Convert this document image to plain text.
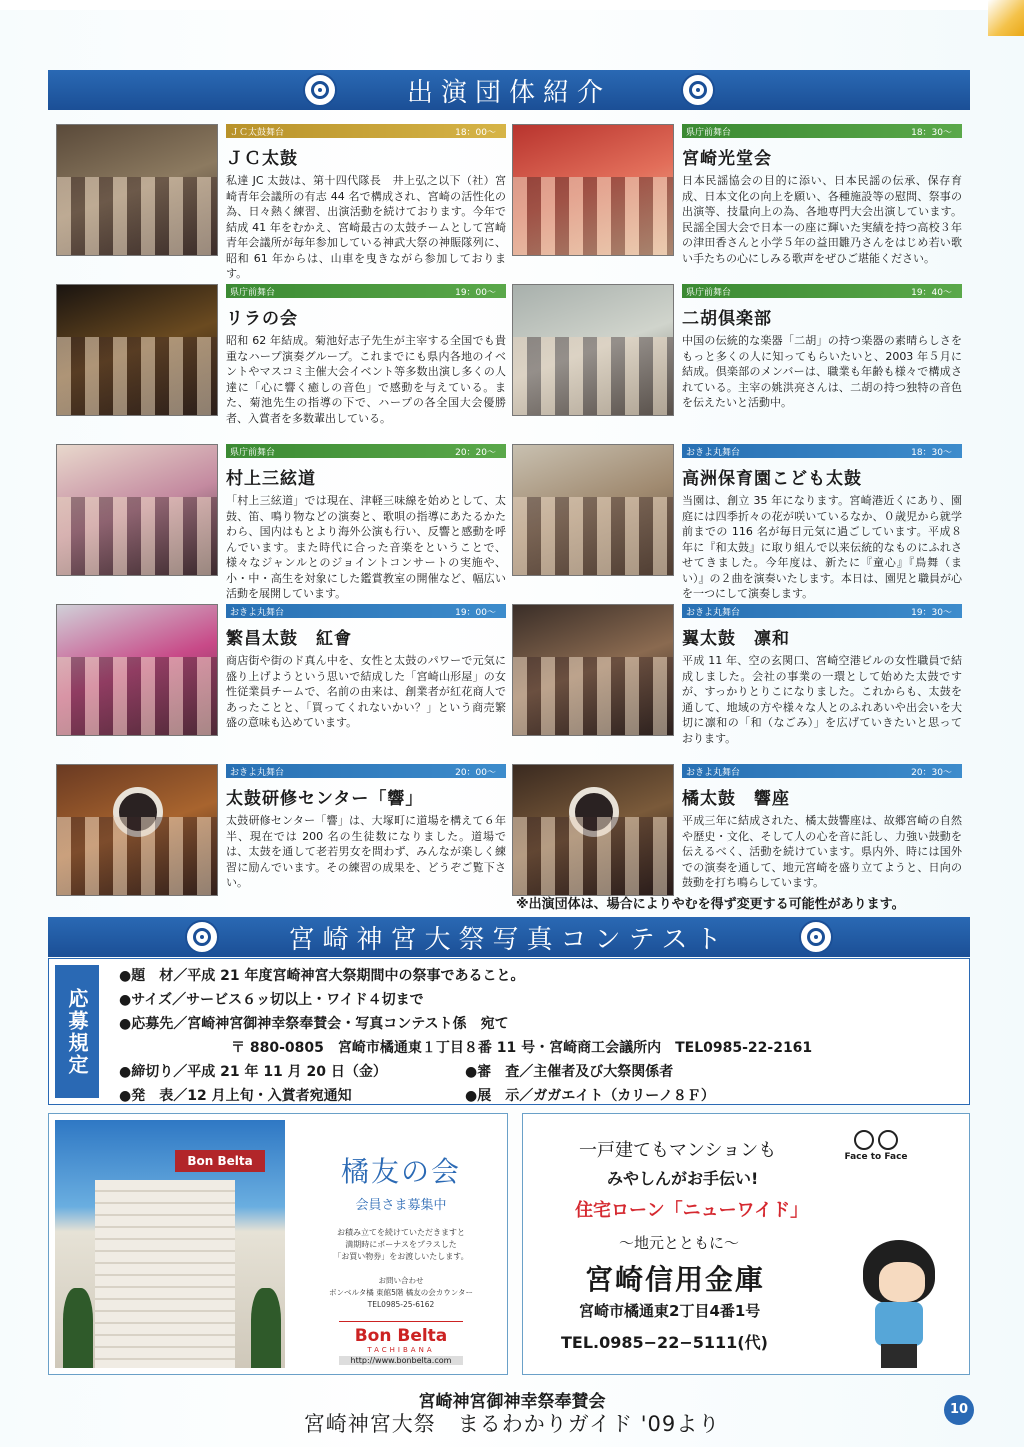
出演団体紹介
ＪＣ太鼓舞台	18：00～
ＪＣ太鼓
私達 JC 太鼓は、第十四代隊長　井上弘之以下（社）宮崎青年会議所の有志 44 名で構成され、宮崎の活性化の為、日々熱く練習、出演活動を続けております。今年で結成 41 年をむかえ、宮崎最古の太鼓チームとして宮崎青年会議所が毎年参加している神武大祭の神賑隊列に、昭和 61 年からは、山車を曳きながら参加しております。
県庁前舞台	18：30～
宮崎光堂会
日本民謡協会の目的に添い、日本民謡の伝承、保存育成、日本文化の向上を願い、各種施設等の慰問、祭事の出演等、技量向上の為、各地専門大会出演しています。民謡全国大会で日本一の座に輝いた実績を持つ高校３年の津田香さんと小学５年の益田雛乃さんをはじめ若い歌い手たちの心にしみる歌声をぜひご堪能ください。
県庁前舞台	19：00～
リラの会
昭和 62 年結成。菊池好志子先生が主宰する全国でも貴重なハープ演奏グループ。これまでにも県内各地のイベントやマスコミ主催大会イベント等多数出演し多くの人達に「心に響く癒しの音色」で感動を与えている。また、菊池先生の指導の下で、ハープの各全国大会優勝者、入賞者を多数輩出している。
県庁前舞台	19：40～
二胡倶楽部
中国の伝統的な楽器「二胡」の持つ楽器の素晴らしさをもっと多くの人に知ってもらいたいと、2003 年５月に結成。倶楽部のメンバーは、職業も年齢も様々で構成されている。主宰の姚洪亮さんは、二胡の持つ独特の音色を伝えたいと活動中。
県庁前舞台	20：20～
村上三絃道
「村上三絃道」では現在、津軽三味線を始めとして、太鼓、笛、鳴り物などの演奏と、歌唄の指導にあたるかたわら、国内はもとより海外公演も行い、反響と感動を呼んでいます。また時代に合った音楽をということで、様々なジャンルとのジョイントコンサートの実施や、小・中・高生を対象にした鑑賞教室の開催など、幅広い活動を展開しています。
おきよ丸舞台	18：30～
高洲保育園こども太鼓
当園は、創立 35 年になります。宮崎港近くにあり、園庭には四季折々の花が咲いているなか、０歳児から就学前までの 116 名が毎日元気に過ごしています。平成８年に『和太鼓』に取り組んで以来伝統的なものにふれさせてきました。今年度は、新たに『童心』『鳥舞（まい）』の２曲を演奏いたします。本日は、園児と職員が心を一つにして演奏します。
おきよ丸舞台	19：00～
繁昌太鼓　紅會
商店街や街のド真ん中を、女性と太鼓のパワーで元気に盛り上げようという思いで結成した「宮崎山形屋」の女性従業員チームで、名前の由来は、創業者が紅花商人であったことと、「買ってくれないかい？」という商売繁盛の意味も込めています。
おきよ丸舞台	19：30～
翼太鼓　凛和
平成 11 年、空の玄関口、宮崎空港ビルの女性職員で結成しました。会社の事業の一環として始めた太鼓ですが、すっかりとりこになりました。これからも、太鼓を通して、地域の方や様々な人とのふれあいや出会いを大切に凛和の「和（なごみ）」を広げていきたいと思っております。
おきよ丸舞台	20：00～
太鼓研修センター「響」
太鼓研修センター「響」は、大塚町に道場を構えて６年半、現在では 200 名の生徒数になりました。道場では、太鼓を通して老若男女を問わず、みんなが楽しく練習に励んでいます。その練習の成果を、どうぞご覧下さい。
おきよ丸舞台	20：30～
橘太鼓　響座
平成三年に結成された、橘太鼓響座は、故郷宮崎の自然や歴史・文化、そして人の心を音に託し、力強い鼓動を伝えるべく、活動を続けています。県内外、時には国外での演奏を通して、地元宮崎を盛り立てようと、日向の鼓動を打ち鳴らしています。
※出演団体は、場合によりやむを得ず変更する可能性があります。
宮崎神宮大祭写真コンテスト
応募規定
●題　材／平成 21 年度宮崎神宮大祭期間中の祭事であること。
●サイズ／サービス６ッ切以上・ワイド４切まで
●応募先／宮崎神宮御神幸祭奉賛会・写真コンテスト係　宛て
〒 880-0805　宮崎市橘通東１丁目８番 11 号・宮崎商工会議所内　TEL0985-22-2161
●締切り／平成 21 年 11 月 20 日（金）	●審　査／主催者及び大祭関係者
●発　表／12 月上旬・入賞者宛通知	●展　示／ガガエイト（カリーノ８Ｆ）
Bon Belta	橘友の会
会員さま募集中
お積み立てを続けていただきますと
満期時にボーナスをプラスした
「お買い物券」をお渡しいたします。
お問い合わせ
ボンベルタ橘 東館5階 橘友の会カウンター
TEL0985-25-6162
Bon Belta
TACHIBANA
http://www.bonbelta.com
一戸建てもマンションも
みやしんがお手伝い!
住宅ローン「ニューワイド」
～地元とともに～
宮崎信用金庫
宮崎市橘通東2丁目4番1号
TEL.0985−22−5111(代)
Face to Face
宮崎神宮御神幸祭奉賛会
宮崎神宮大祭　まるわかりガイド '09より
10
